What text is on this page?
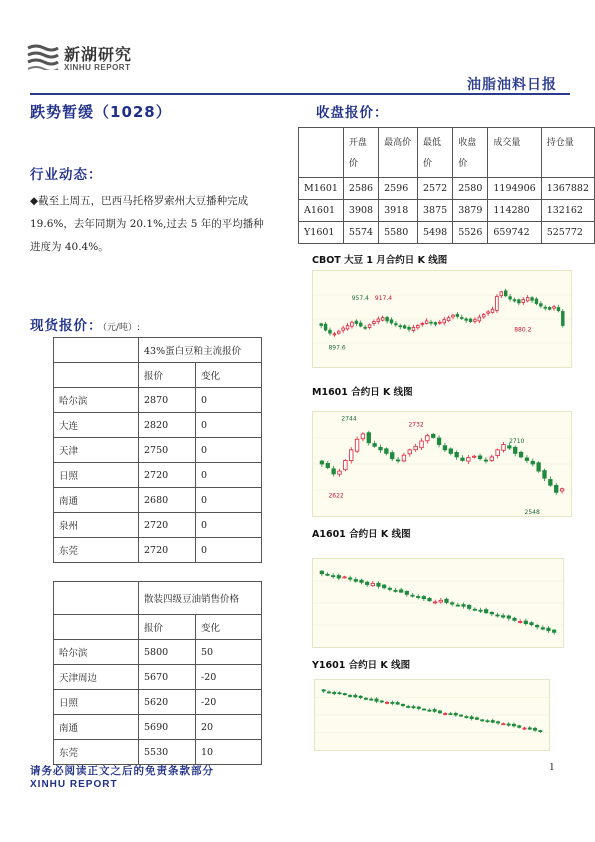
新湖研究
XINHU REPORT
油脂油料日报
跌势暂缓（1028）
行业动态：
◆截至上周五，巴西马托格罗索州大豆播种完成
19.6%，去年同期为 20.1%,过去 5 年的平均播种
进度为 40.4%。
现货报价：（元/吨）:
	43%蛋白豆粕主流报价	
	报价	变化
哈尔滨	2870	0
大连	2820	0
天津	2750	0
日照	2720	0
南通	2680	0
泉州	2720	0
东莞	2720	0
	散装四级豆油销售价格	
	报价	变化
哈尔滨	5800	50
天津周边	5670	-20
日照	5620	-20
南通	5690	20
东莞	5530	10
收盘报价：
	开盘价	最高价	最低价	收盘价	成交量	持仓量
M1601	2586	2596	2572	2580	1194906	1367882
A1601	3908	3918	3875	3879	114280	132162
Y1601	5574	5580	5498	5526	659742	525772
CBOT 大豆 1 月合约日 K 线图
957.4 917.4
897.6
880.2
M1601 合约日 K 线图
2744
2732
2710
2622
2548
A1601 合约日 K 线图
Y1601 合约日 K 线图
请务必阅读正文之后的免责条款部分
XINHU REPORT
1
